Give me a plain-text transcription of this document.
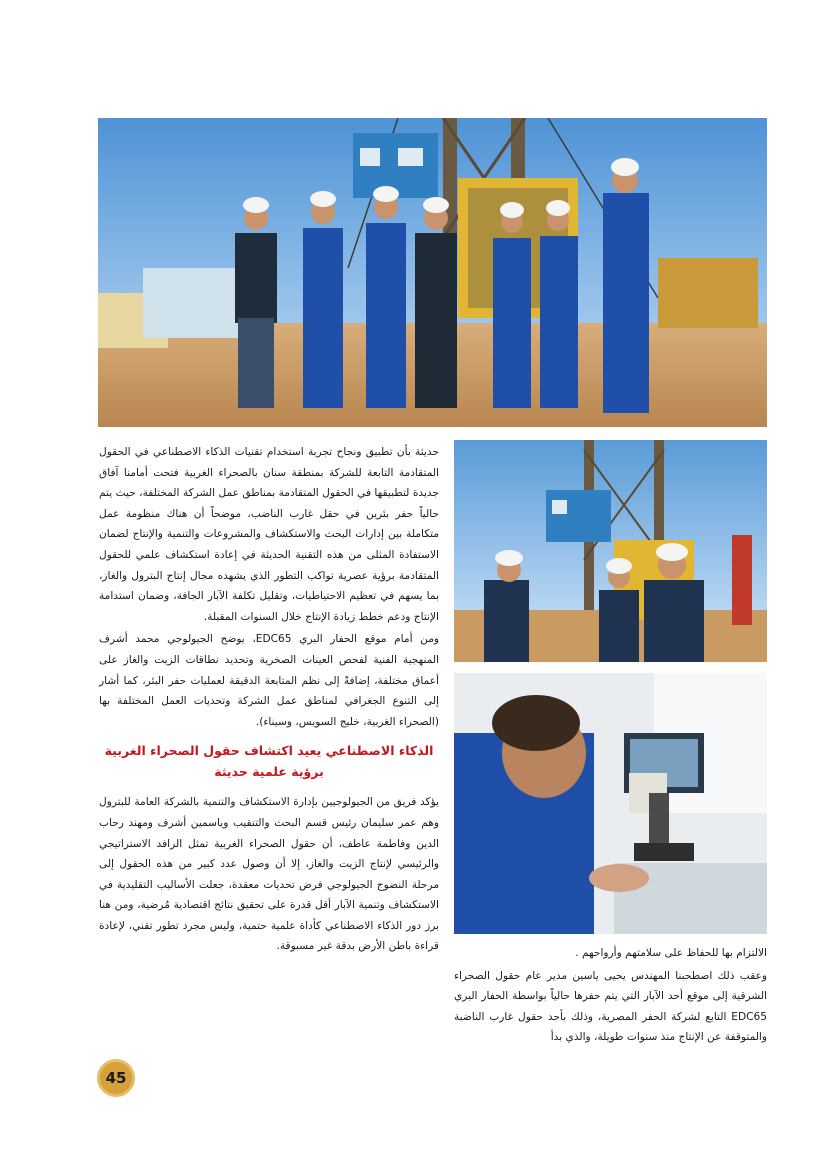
حديثة بأن تطبيق ونجاح تجربة استخدام تقنيات الذكاء الاصطناعي في الحقول المتقادمة التابعة للشركة بمنطقة سنان بالصحراء الغربية فتحت أمامنا آفاق جديدة لتطبيقها في الحقول المتقادمة بمناطق عمل الشركة المختلفة، حيث يتم حالياً حفر بئرين في حقل غارب الناضب، موضحاً أن هناك منظومة عمل متكاملة بين إدارات البحث والاستكشاف والمشروعات والتنمية والإنتاج لضمان الاستفادة المثلى من هذه التقنية الحديثة في إعادة استكشاف علمي للحقول المتقادمة برؤية عصرية تواكب التطور الذي يشهده مجال إنتاج البترول والغاز، بما يسهم في تعظيم الاحتياطيات، وتقليل تكلفة الآبار الجافة، وضمان استدامة الإنتاج ودعم خطط زيادة الإنتاج خلال السنوات المقبلة.

ومن أمام موقع الحفار البري EDC65، يوضح الجيولوجي محمد أشرف المنهجية الفنية لفحص العينات الصخرية وتحديد نطاقات الزيت والغاز على أعماق مختلفة، إضافةً إلى نظم المتابعة الدقيقة لعمليات حفر البئر، كما أشار إلى التنوع الجغرافي لمناطق عمل الشركة وتحديات العمل المختلفة بها (الصحراء الغربية، خليج السويس، وسيناء).

الذكاء الاصطناعي يعيد اكتشاف حقول الصحراء الغربية برؤية علمية حديثة

يؤكد فريق من الجيولوجيين بإدارة الاستكشاف والتنمية بالشركة العامة للبترول وهم عمر سليمان رئيس قسم البحث والتنقيب وياسمين أشرف ومهند رحاب الدين وفاطمة عاطف، أن حقول الصحراء الغربية تمثل الرافد الاستراتيجي والرئيسي لإنتاج الزيت والغاز، إلا أن وصول عدد كبير من هذه الحقول إلى مرحلة النضوج الجيولوجي فرض تحديات معقدة، جعلت الأساليب التقليدية في الاستكشاف وتنمية الآبار أقل قدرة على تحقيق نتائج اقتصادية مُرضية، ومن هنا برز دور الذكاء الاصطناعي كأداة علمية حتمية، وليس مجرد تطور تقني، لإعادة قراءة باطن الأرض بدقة غير مسبوقة.

الالتزام بها للحفاظ على سلامتهم وأرواحهم .

وعقب ذلك اصطحبنا المهندس يحيى ياسين مدير عام حقول الصحراء الشرقية إلى موقع أحد الآبار التي يتم حفرها حالياً بواسطة الحفار البري EDC65 التابع لشركة الحفر المصرية، وذلك بأحد حقول غارب الناضبة والمتوقفة عن الإنتاج منذ سنوات طويلة، والذي بدأ

45
